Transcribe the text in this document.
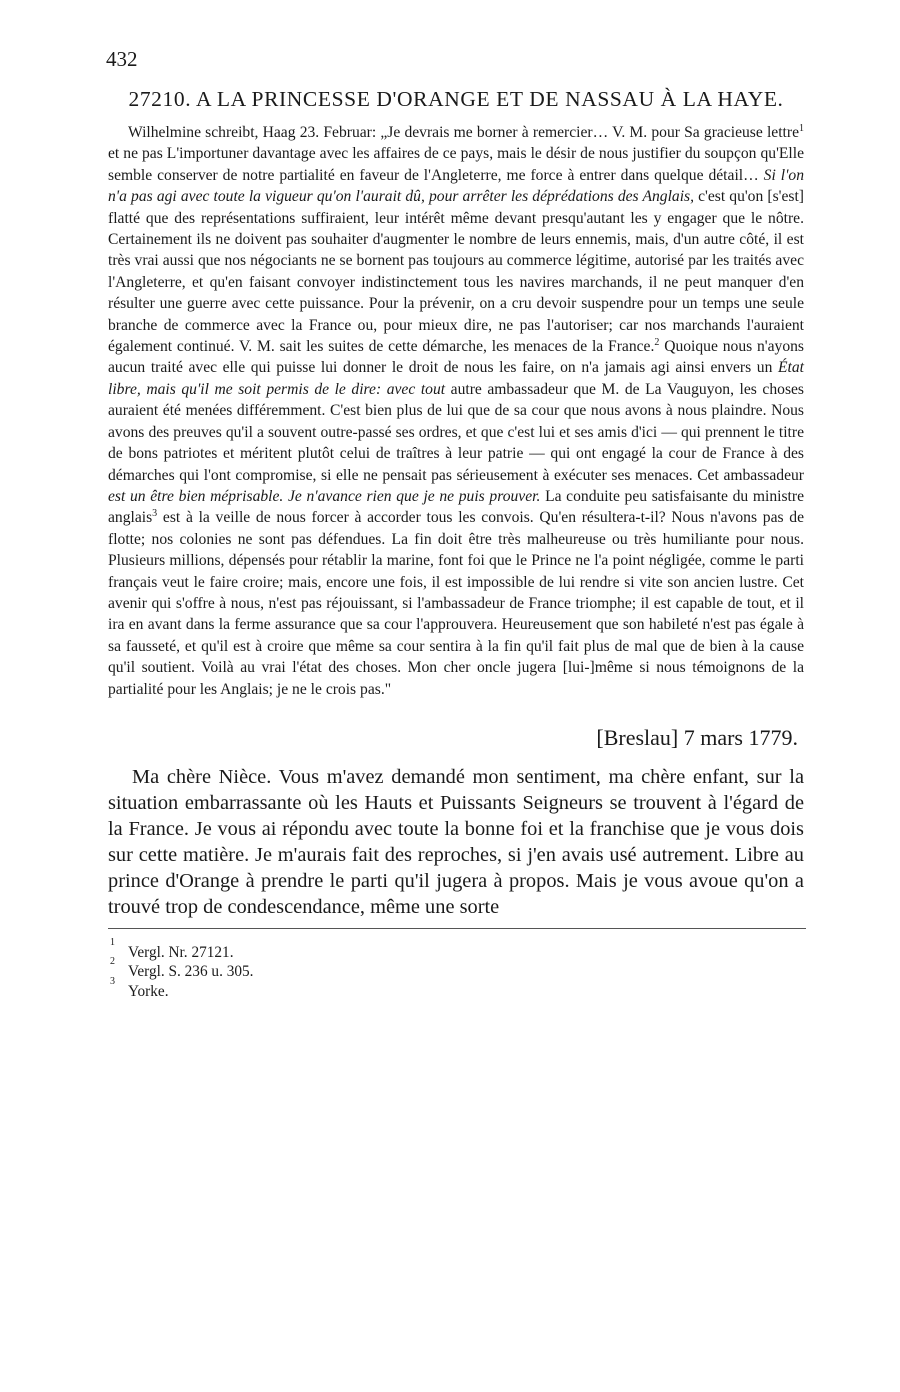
432
27210. A LA PRINCESSE D'ORANGE ET DE NASSAU À LA HAYE.

Wilhelmine schreibt, Haag 23. Februar: „Je devrais me borner à remercier… V. M. pour Sa gracieuse lettre$^1$ et ne pas L'importuner davantage avec les affaires de ce pays, mais le désir de nous justifier du soupçon qu'Elle semble conserver de notre partialité en faveur de l'Angleterre, me force à entrer dans quelque détail… Si l'on n'a pas agi avec toute la vigueur qu'on l'aurait dû, pour arrêter les déprédations des Anglais, c'est qu'on [s'est] flatté que des représentations suffiraient, leur intérêt même devant presqu'autant les y engager que le nôtre. Certainement ils ne doivent pas souhaiter d'augmenter le nombre de leurs ennemis, mais, d'un autre côté, il est très vrai aussi que nos négociants ne se bornent pas toujours au commerce légitime, autorisé par les traités avec l'Angleterre, et qu'en faisant convoyer indistinctement tous les navires marchands, il ne peut manquer d'en résulter une guerre avec cette puissance. Pour la prévenir, on a cru devoir suspendre pour un temps une seule branche de commerce avec la France ou, pour mieux dire, ne pas l'autoriser; car nos marchands l'auraient également continué. V. M. sait les suites de cette démarche, les menaces de la France.$^2$ Quoique nous n'ayons aucun traité avec elle qui puisse lui donner le droit de nous les faire, on n'a jamais agi ainsi envers un État libre, mais qu'il me soit permis de le dire: avec tout autre ambassadeur que M. de La Vauguyon, les choses auraient été menées différemment. C'est bien plus de lui que de sa cour que nous avons à nous plaindre. Nous avons des preuves qu'il a souvent outre-passé ses ordres, et que c'est lui et ses amis d'ici — qui prennent le titre de bons patriotes et méritent plutôt celui de traîtres à leur patrie — qui ont engagé la cour de France à des démarches qui l'ont compromise, si elle ne pensait pas sérieusement à exécuter ses menaces. Cet ambassadeur est un être bien méprisable. Je n'avance rien que je ne puis prouver. La conduite peu satisfaisante du ministre anglais$^3$ est à la veille de nous forcer à accorder tous les convois. Qu'en résultera-t-il? Nous n'avons pas de flotte; nos colonies ne sont pas défendues. La fin doit être très malheureuse ou très humiliante pour nous. Plusieurs millions, dépensés pour rétablir la marine, font foi que le Prince ne l'a point négligée, comme le parti français veut le faire croire; mais, encore une fois, il est impossible de lui rendre si vite son ancien lustre. Cet avenir qui s'offre à nous, n'est pas réjouissant, si l'ambassadeur de France triomphe; il est capable de tout, et il ira en avant dans la ferme assurance que sa cour l'approuvera. Heureusement que son habileté n'est pas égale à sa fausseté, et qu'il est à croire que même sa cour sentira à la fin qu'il fait plus de mal que de bien à la cause qu'il soutient. Voilà au vrai l'état des choses. Mon cher oncle jugera [lui-]même si nous témoignons de la partialité pour les Anglais; je ne le crois pas."

[Breslau] 7 mars 1779.

Ma chère Nièce. Vous m'avez demandé mon sentiment, ma chère enfant, sur la situation embarrassante où les Hauts et Puissants Seigneurs se trouvent à l'égard de la France. Je vous ai répondu avec toute la bonne foi et la franchise que je vous dois sur cette matière. Je m'aurais fait des reproches, si j'en avais usé autrement. Libre au prince d'Orange à prendre le parti qu'il jugera à propos. Mais je vous avoue qu'on a trouvé trop de condescendance, même une sorte

1
Vergl. Nr. 27121.
2
Vergl. S. 236 u. 305.
3
Yorke.
